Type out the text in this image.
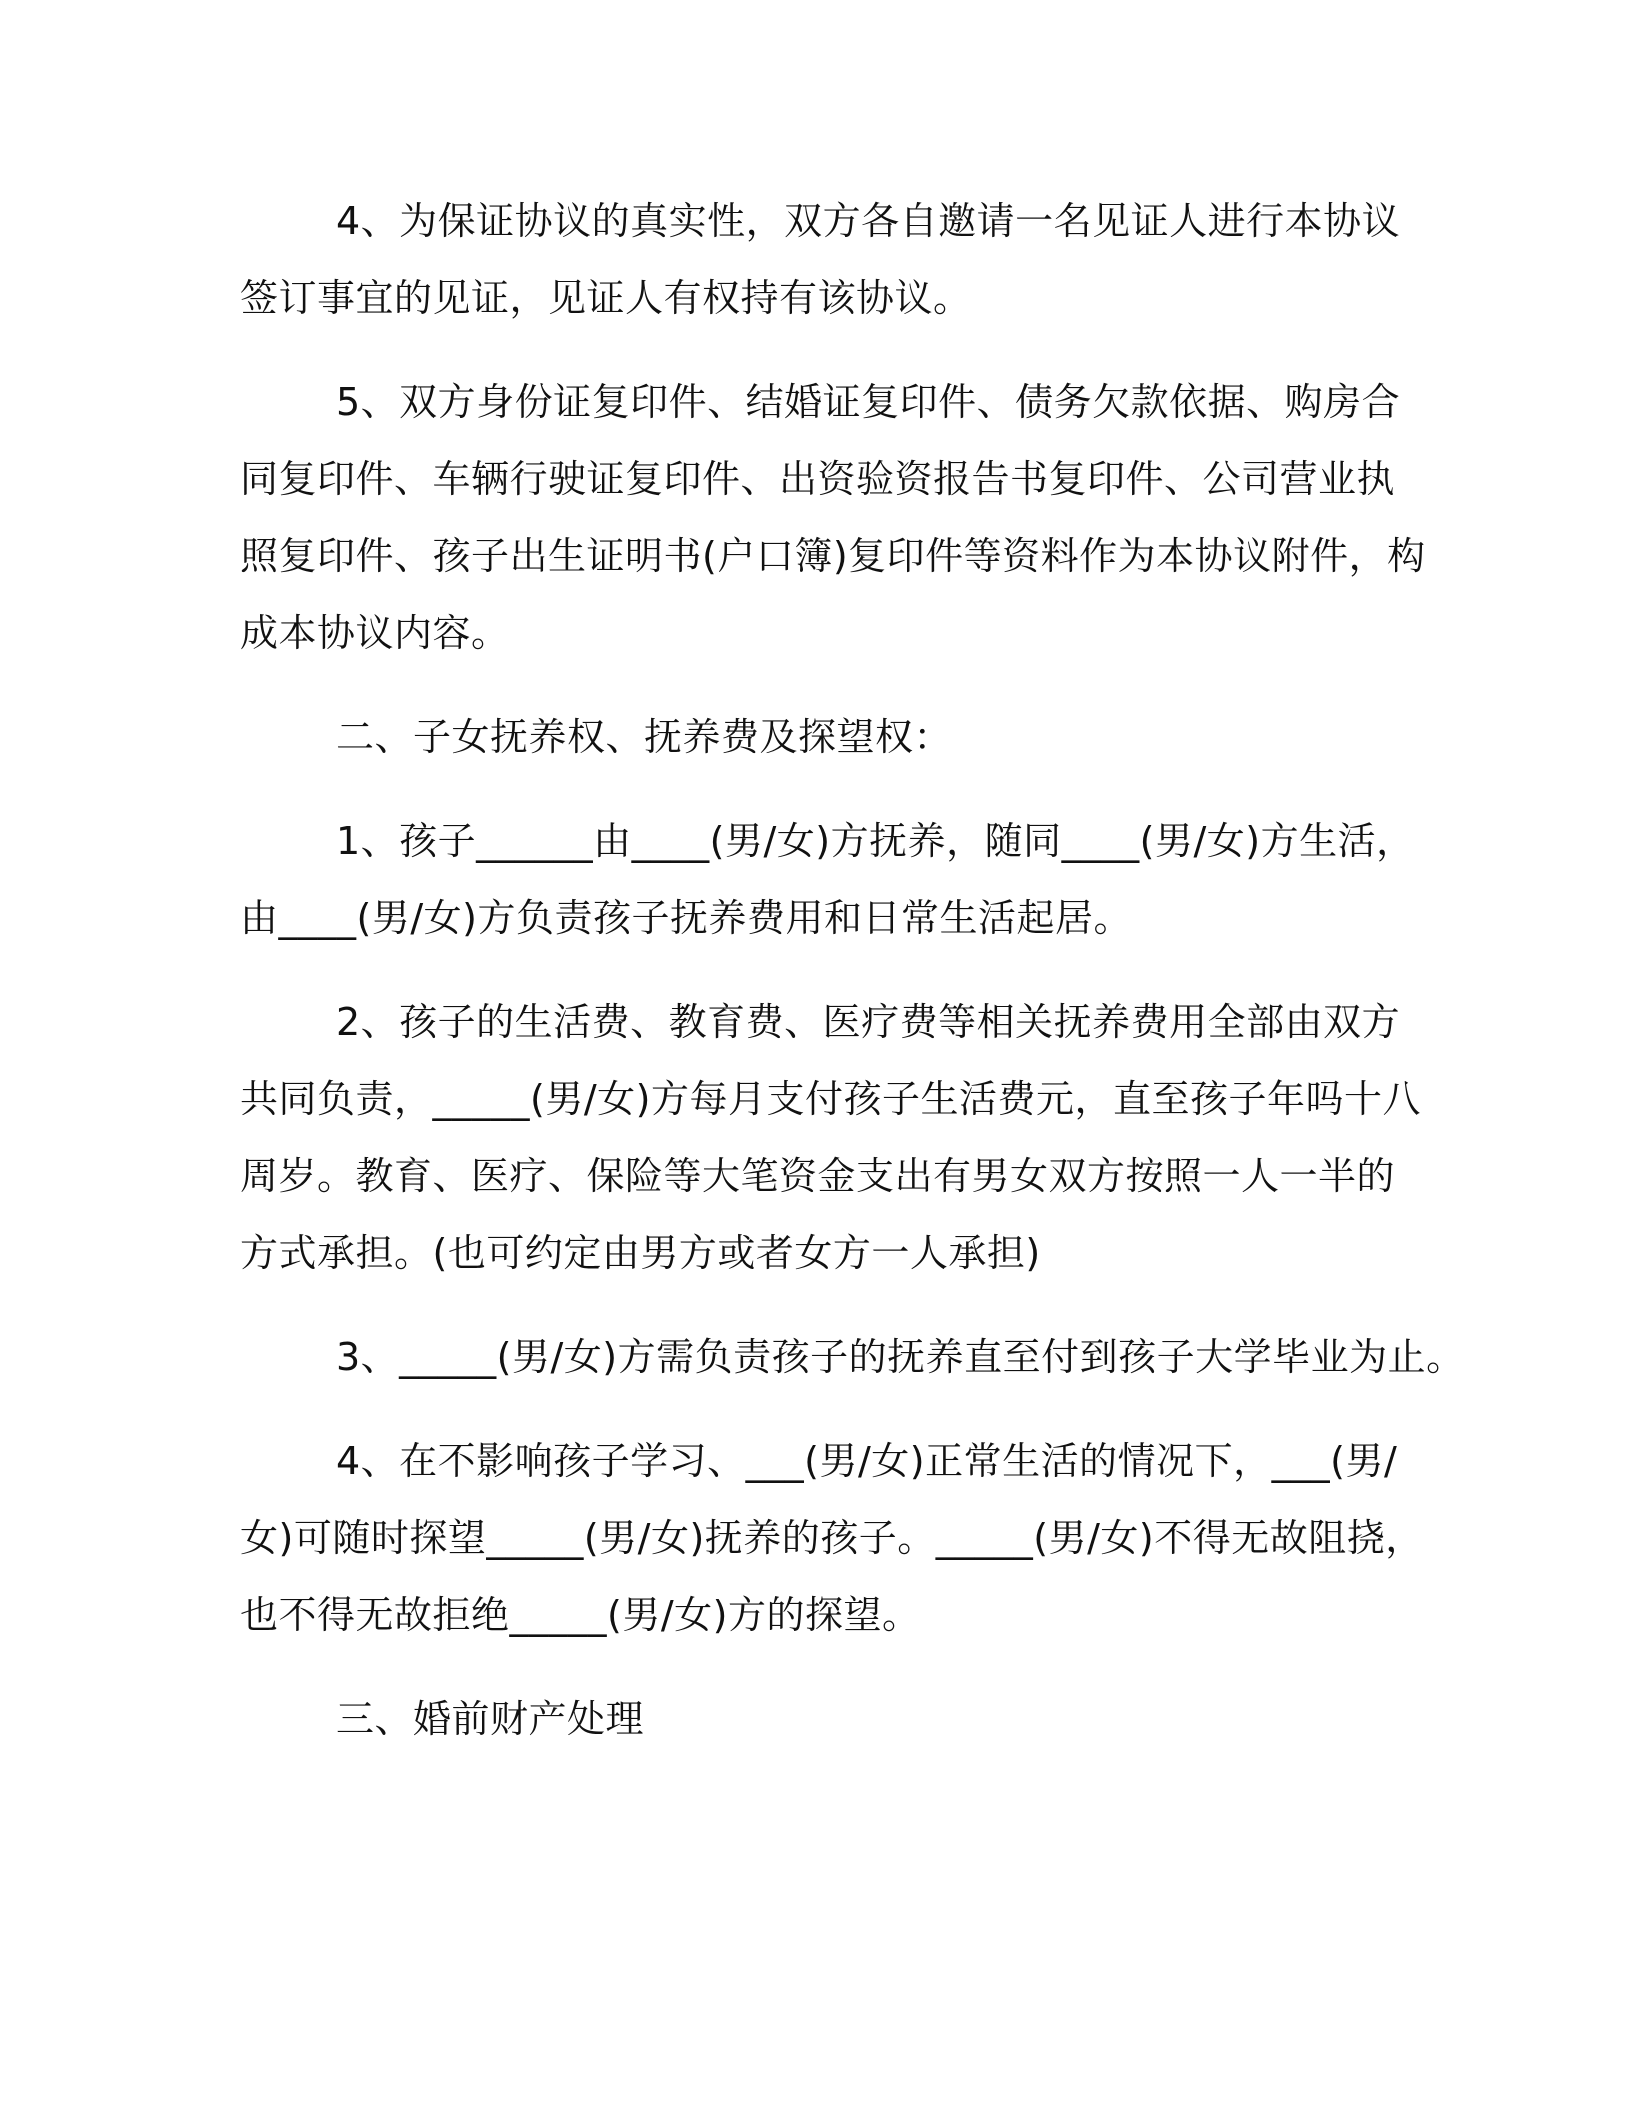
4、为保证协议的真实性，双方各自邀请一名见证人进行本协议
签订事宜的见证，见证人有权持有该协议。
5、双方身份证复印件、结婚证复印件、债务欠款依据、购房合
同复印件、车辆行驶证复印件、出资验资报告书复印件、公司营业执
照复印件、孩子出生证明书(户口簿)复印件等资料作为本协议附件，构
成本协议内容。
二、子女抚养权、抚养费及探望权：
1、孩子______由____(男/女)方抚养，随同____(男/女)方生活，
由____(男/女)方负责孩子抚养费用和日常生活起居。
2、孩子的生活费、教育费、医疗费等相关抚养费用全部由双方
共同负责，_____(男/女)方每月支付孩子生活费元，直至孩子年吗十八
周岁。教育、医疗、保险等大笔资金支出有男女双方按照一人一半的
方式承担。(也可约定由男方或者女方一人承担)
3、_____(男/女)方需负责孩子的抚养直至付到孩子大学毕业为止。
4、在不影响孩子学习、___(男/女)正常生活的情况下，___(男/
女)可随时探望_____(男/女)抚养的孩子。_____(男/女)不得无故阻挠，
也不得无故拒绝_____(男/女)方的探望。
三、婚前财产处理
